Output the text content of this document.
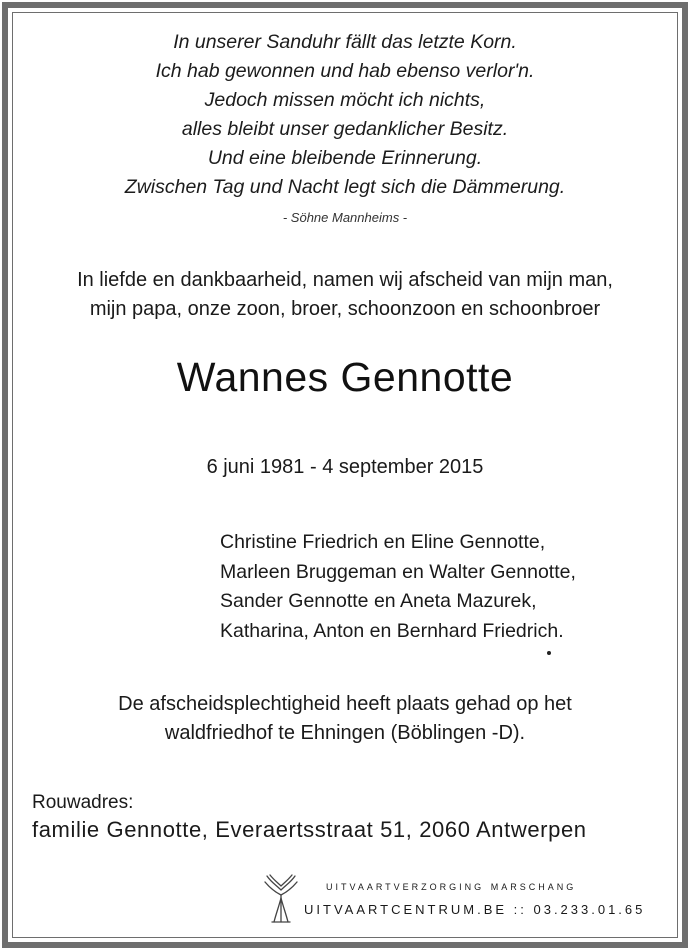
In unserer Sanduhr fällt das letzte Korn.
Ich hab gewonnen und hab ebenso verlor'n.
Jedoch missen möcht ich nichts,
alles bleibt unser gedanklicher Besitz.
Und eine bleibende Erinnerung.
Zwischen Tag und Nacht legt sich die Dämmerung.
- Söhne Mannheims -
In liefde en dankbaarheid, namen wij afscheid van mijn man,
mijn papa, onze zoon, broer, schoonzoon en schoonbroer
Wannes Gennotte
6 juni 1981 - 4 september 2015
Christine Friedrich en Eline Gennotte,
Marleen Bruggeman en Walter Gennotte,
Sander Gennotte en Aneta Mazurek,
Katharina, Anton en Bernhard Friedrich.
De afscheidsplechtigheid heeft plaats gehad op het
waldfriedhof te Ehningen (Böblingen -D).
Rouwadres:
familie Gennotte, Everaertsstraat 51, 2060 Antwerpen
uitvaartverzorging marschang
UITVAARTCENTRUM.BE :: 03.233.01.65
